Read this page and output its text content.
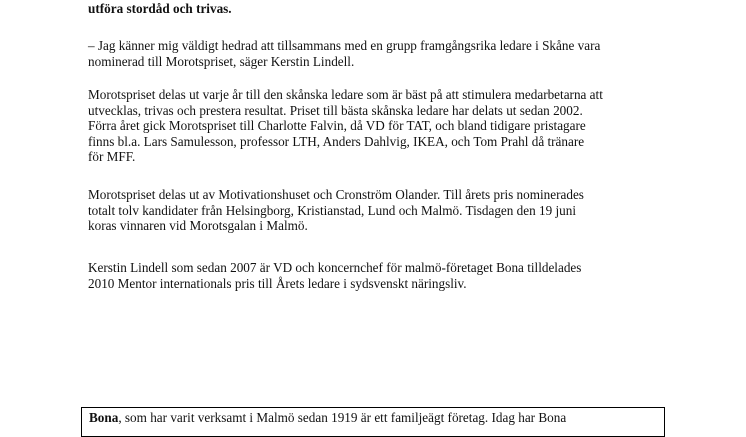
utföra stordåd och trivas.
– Jag känner mig väldigt hedrad att tillsammans med en grupp framgångsrika ledare i Skåne vara
nominerad till Morotspriset, säger Kerstin Lindell.
Morotspriset delas ut varje år till den skånska ledare som är bäst på att stimulera medarbetarna att
utvecklas, trivas och prestera resultat. Priset till bästa skånska ledare har delats ut sedan 2002.
Förra året gick Morotspriset till Charlotte Falvin, då VD för TAT, och bland tidigare pristagare
finns bl.a. Lars Samulesson, professor LTH, Anders Dahlvig, IKEA, och Tom Prahl då tränare
för MFF.
Morotspriset delas ut av Motivationshuset och Cronström Olander. Till årets pris nominerades
totalt tolv kandidater från Helsingborg, Kristianstad, Lund och Malmö. Tisdagen den 19 juni
koras vinnaren vid Morotsgalan i Malmö.
Kerstin Lindell som sedan 2007 är VD och koncernchef för malmö-företaget Bona tilldelades
2010 Mentor internationals pris till Årets ledare i sydsvenskt näringsliv.
Bona, som har varit verksamt i Malmö sedan 1919 är ett familjeägt företag. Idag har Bona
